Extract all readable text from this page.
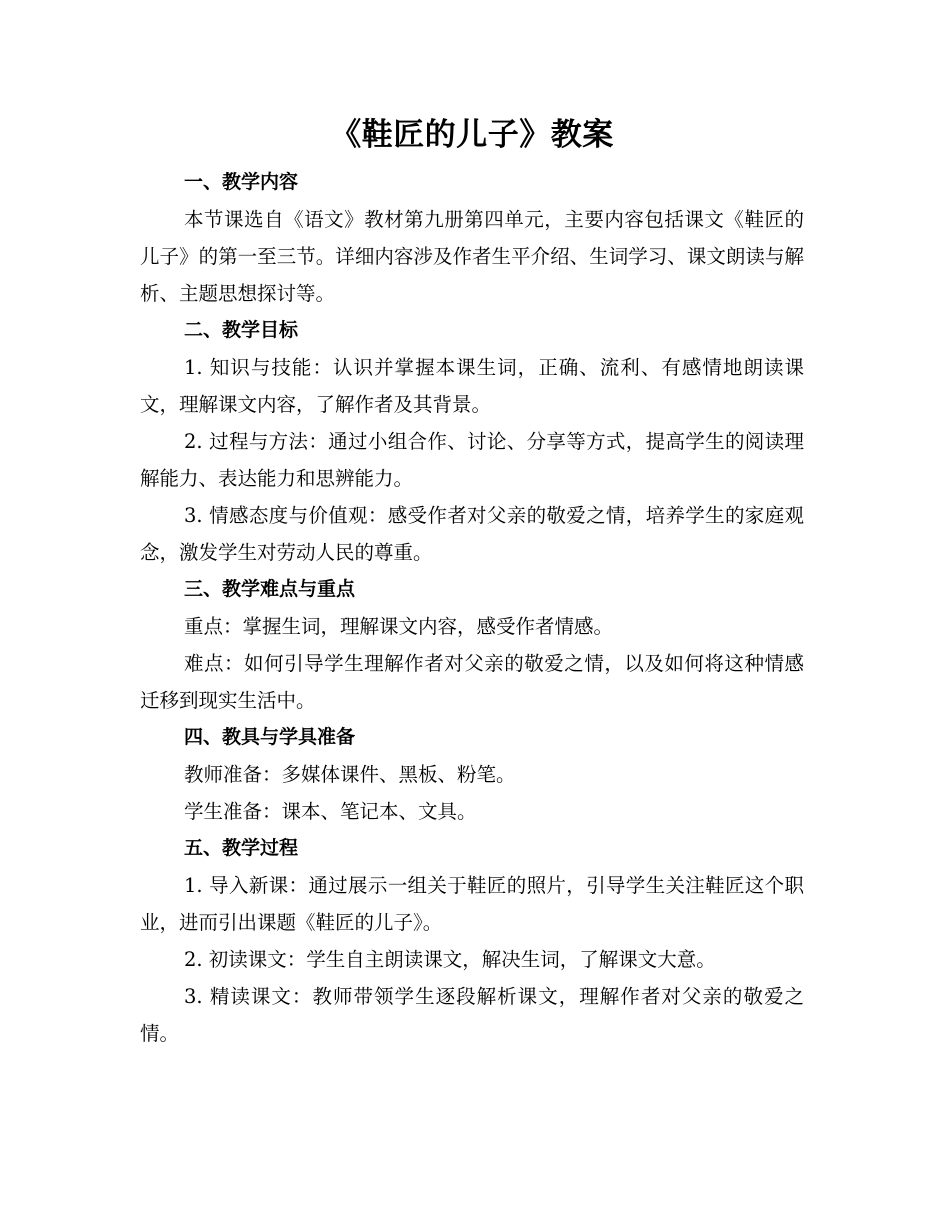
《鞋匠的儿子》教案

一、教学内容

本节课选自《语文》教材第九册第四单元，主要内容包括课文《鞋匠的儿子》的第一至三节。详细内容涉及作者生平介绍、生词学习、课文朗读与解析、主题思想探讨等。

二、教学目标

1. 知识与技能：认识并掌握本课生词，正确、流利、有感情地朗读课文，理解课文内容，了解作者及其背景。

2. 过程与方法：通过小组合作、讨论、分享等方式，提高学生的阅读理解能力、表达能力和思辨能力。

3. 情感态度与价值观：感受作者对父亲的敬爱之情，培养学生的家庭观念，激发学生对劳动人民的尊重。

三、教学难点与重点

重点：掌握生词，理解课文内容，感受作者情感。

难点：如何引导学生理解作者对父亲的敬爱之情，以及如何将这种情感迁移到现实生活中。

四、教具与学具准备

教师准备：多媒体课件、黑板、粉笔。

学生准备：课本、笔记本、文具。

五、教学过程

1. 导入新课：通过展示一组关于鞋匠的照片，引导学生关注鞋匠这个职业，进而引出课题《鞋匠的儿子》。

2. 初读课文：学生自主朗读课文，解决生词，了解课文大意。

3. 精读课文：教师带领学生逐段解析课文，理解作者对父亲的敬爱之情。
